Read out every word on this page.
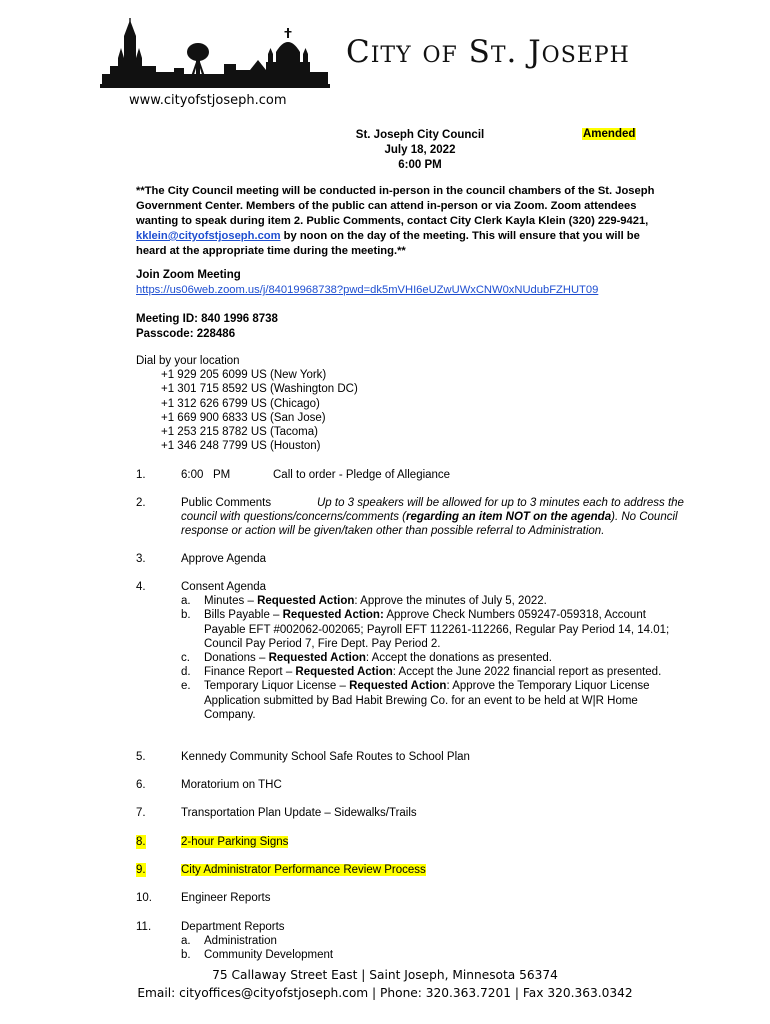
City of St. Joseph
www.cityofstjoseph.com
St. Joseph City Council
July 18, 2022
6:00 PM
Amended
**The City Council meeting will be conducted in-person in the council chambers of the St. Joseph Government Center. Members of the public can attend in-person or via Zoom. Zoom attendees wanting to speak during item 2. Public Comments, contact City Clerk Kayla Klein (320) 229-9421, kklein@cityofstjoseph.com by noon on the day of the meeting. This will ensure that you will be heard at the appropriate time during the meeting.**
Join Zoom Meeting
https://us06web.zoom.us/j/84019968738?pwd=dk5mVHI6eUZwUWxCNW0xNUdubFZHUT09
Meeting ID: 840 1996 8738
Passcode: 228486
Dial by your location
+1 929 205 6099 US (New York)
+1 301 715 8592 US (Washington DC)
+1 312 626 6799 US (Chicago)
+1 669 900 6833 US (San Jose)
+1 253 215 8782 US (Tacoma)
+1 346 248 7799 US (Houston)
1.	6:00   PM	Call to order - Pledge of Allegiance
2.	Public Comments	Up to 3 speakers will be allowed for up to 3 minutes each to address the council with questions/concerns/comments (regarding an item NOT on the agenda). No Council response or action will be given/taken other than possible referral to Administration.
3.	Approve Agenda
4.	Consent Agenda
a. Minutes – Requested Action: Approve the minutes of July 5, 2022.
b. Bills Payable – Requested Action: Approve Check Numbers 059247-059318, Account Payable EFT #002062-002065; Payroll EFT 112261-112266, Regular Pay Period 14, 14.01; Council Pay Period 7, Fire Dept. Pay Period 2.
c. Donations – Requested Action: Accept the donations as presented.
d. Finance Report – Requested Action: Accept the June 2022 financial report as presented.
e. Temporary Liquor License – Requested Action: Approve the Temporary Liquor License Application submitted by Bad Habit Brewing Co. for an event to be held at W|R Home Company.
5.	Kennedy Community School Safe Routes to School Plan
6.	Moratorium on THC
7.	Transportation Plan Update – Sidewalks/Trails
8.	2-hour Parking Signs
9.	City Administrator Performance Review Process
10.	Engineer Reports
11.	Department Reports
a. Administration
b. Community Development
75 Callaway Street East | Saint Joseph, Minnesota 56374
Email: cityoffices@cityofstjoseph.com | Phone: 320.363.7201 | Fax 320.363.0342
